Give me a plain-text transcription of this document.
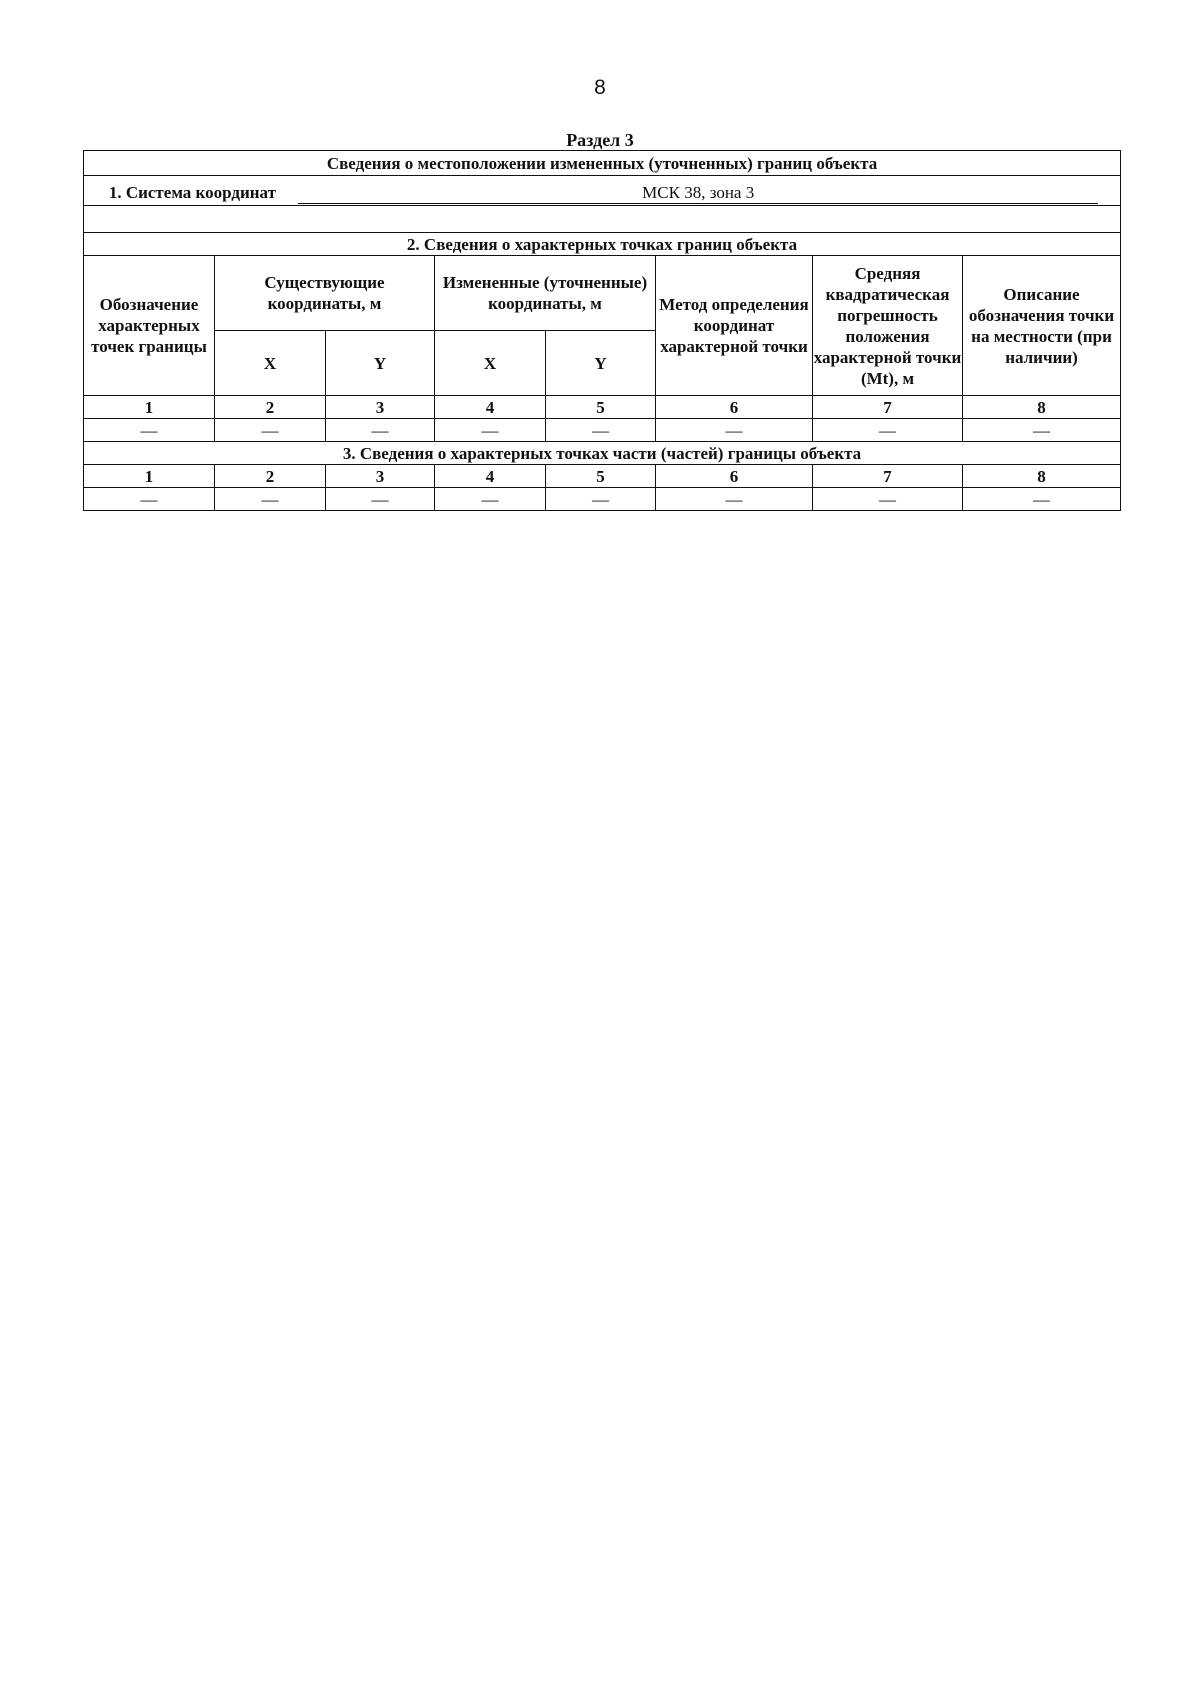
8
Раздел 3
Сведения о местоположении измененных (уточненных) границ объекта							
1. Система координат МСК 38, зона 3							

2. Сведения о характерных точках границ объекта							
Обозначение характерных точек границы	Существующие координаты, м		Измененные (уточненные) координаты, м		Метод определения координат характерной точки	Средняя квадратическая погрешность положения характерной точки (Mt), м	Описание обозначения точки на местности (при наличии)
	X	Y	X	Y			
1	2	3	4	5	6	7	8
—	—	—	—	—	—	—	—
3. Сведения о характерных точках части (частей) границы объекта							
1	2	3	4	5	6	7	8
—	—	—	—	—	—	—	—
